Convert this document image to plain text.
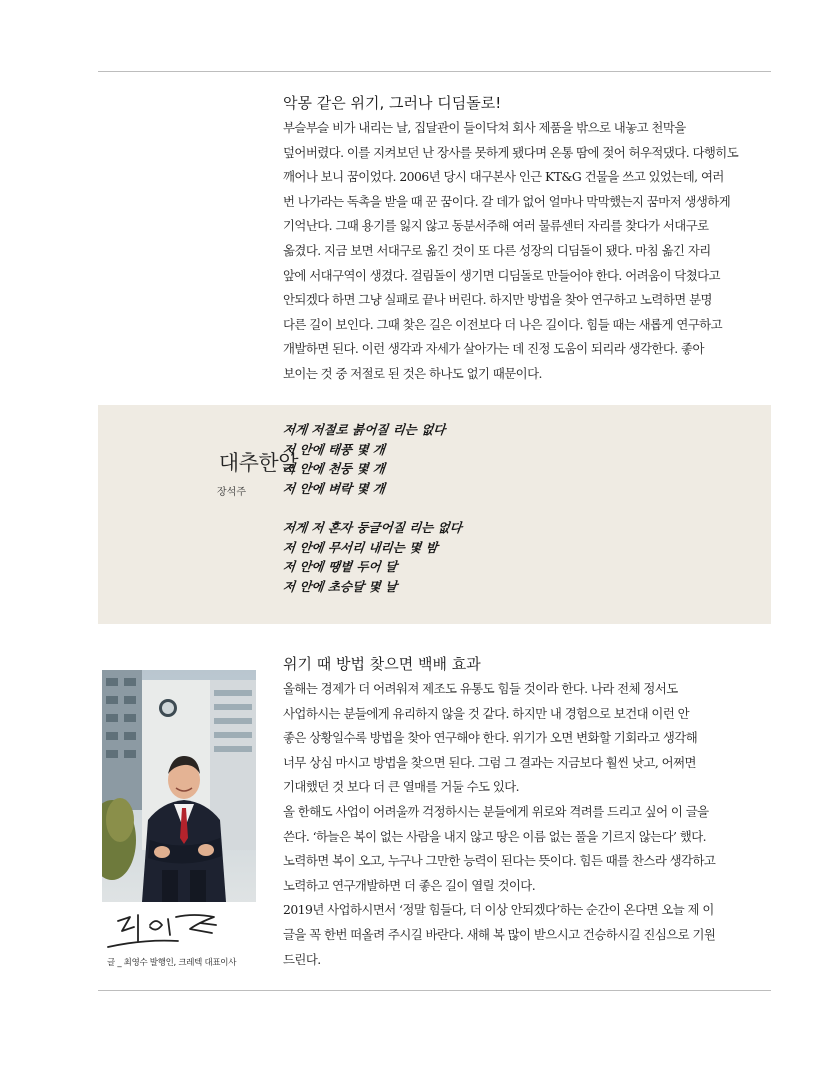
악몽 같은 위기, 그러나 디딤돌로!
부슬부슬 비가 내리는 날, 집달관이 들이닥쳐 회사 제품을 밖으로 내놓고 천막을
덮어버렸다. 이를 지켜보던 난 장사를 못하게 됐다며 온통 땀에 젖어 허우적댔다. 다행히도
깨어나 보니 꿈이었다. 2006년 당시 대구본사 인근 KT&G 건물을 쓰고 있었는데, 여러
번 나가라는 독촉을 받을 때 꾼 꿈이다. 갈 데가 없어 얼마나 막막했는지 꿈마저 생생하게
기억난다. 그때 용기를 잃지 않고 동분서주해 여러 물류센터 자리를 찾다가 서대구로
옮겼다. 지금 보면 서대구로 옮긴 것이 또 다른 성장의 디딤돌이 됐다. 마침 옮긴 자리
앞에 서대구역이 생겼다. 걸림돌이 생기면 디딤돌로 만들어야 한다. 어려움이 닥쳤다고
안되겠다 하면 그냥 실패로 끝나 버린다. 하지만 방법을 찾아 연구하고 노력하면 분명
다른 길이 보인다. 그때 찾은 길은 이전보다 더 나은 길이다. 힘들 때는 새롭게 연구하고
개발하면 된다. 이런 생각과 자세가 살아가는 데 진정 도움이 되리라 생각한다. 좋아
보이는 것 중 저절로 된 것은 하나도 없기 때문이다.
대추한알
장석주
저게 저절로 붉어질 리는 없다
저 안에 태풍 몇 개
저 안에 천둥 몇 개
저 안에 벼락 몇 개
저게 저 혼자 둥글어질 리는 없다
저 안에 무서리 내리는 몇 밤
저 안에 땡볕 두어 달
저 안에 초승달 몇 날
글 _ 최영수 발행인, 크레텍 대표이사
위기 때 방법 찾으면 백배 효과
올해는 경제가 더 어려워져 제조도 유통도 힘들 것이라 한다. 나라 전체 정서도
사업하시는 분들에게 유리하지 않을 것 같다. 하지만 내 경험으로 보건대 이런 안
좋은 상황일수록 방법을 찾아 연구해야 한다. 위기가 오면 변화할 기회라고 생각해
너무 상심 마시고 방법을 찾으면 된다. 그럼 그 결과는 지금보다 훨씬 낫고, 어쩌면
기대했던 것 보다 더 큰 열매를 거둘 수도 있다.
올 한해도 사업이 어려울까 걱정하시는 분들에게 위로와 격려를 드리고 싶어 이 글을
쓴다. ‘하늘은 복이 없는 사람을 내지 않고 땅은 이름 없는 풀을 기르지 않는다’ 했다.
노력하면 복이 오고, 누구나 그만한 능력이 된다는 뜻이다. 힘든 때를 찬스라 생각하고
노력하고 연구개발하면 더 좋은 길이 열릴 것이다.
2019년 사업하시면서 ‘정말 힘들다, 더 이상 안되겠다’하는 순간이 온다면 오늘 제 이
글을 꼭 한번 떠올려 주시길 바란다. 새해 복 많이 받으시고 건승하시길 진심으로 기원
드린다.
